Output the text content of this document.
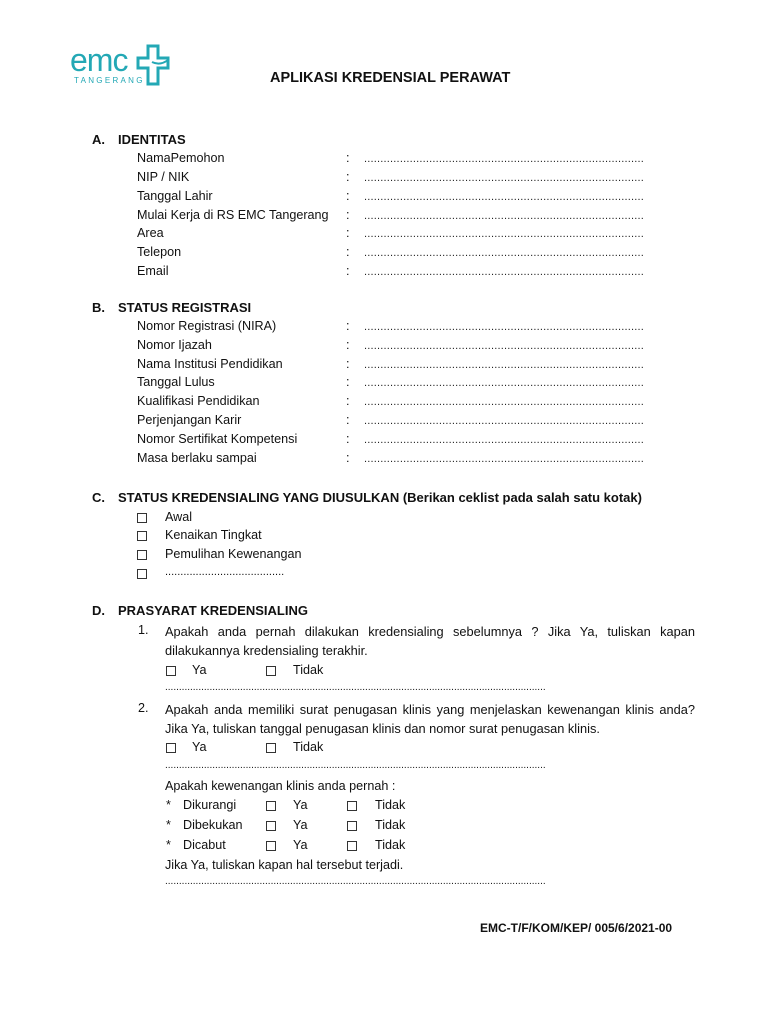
emc
TANGERANG	APLIKASI KREDENSIAL PERAWAT
A. IDENTITAS
NamaPemohon	: ......................................................................................
NIP / NIK	: ......................................................................................
Tanggal Lahir	: ......................................................................................
Mulai Kerja di RS EMC Tangerang : ......................................................................................
Area	: ......................................................................................
Telepon	: ......................................................................................
Email	: ......................................................................................
B. STATUS REGISTRASI
Nomor Registrasi (NIRA)	: ......................................................................................
Nomor Ijazah	: ......................................................................................
Nama Institusi Pendidikan	: ......................................................................................
Tanggal Lulus	: ......................................................................................
Kualifikasi Pendidikan	: ......................................................................................
Perjenjangan Karir	: ......................................................................................
Nomor Sertifikat Kompetensi	: ......................................................................................
Masa berlaku sampai	: ......................................................................................
C. STATUS KREDENSIALING YANG DIUSULKAN (Berikan ceklist pada salah satu kotak)
Awal
Kenaikan Tingkat
Pemulihan Kewenangan
.......................................
D. PRASYARAT KREDENSIALING
1. Apakah anda pernah dilakukan kredensialing sebelumnya ? Jika Ya, tuliskan kapan dilakukannya kredensialing terakhir.
Ya	Tidak
.........................................................................................................................................
2. Apakah anda memiliki surat penugasan klinis yang menjelaskan kewenangan klinis anda? Jika Ya, tuliskan tanggal penugasan klinis dan nomor surat penugasan klinis.
Ya	Tidak
.........................................................................................................................................
Apakah kewenangan klinis anda pernah :
* Dikurangi	Ya	Tidak
* Dibekukan	Ya	Tidak
* Dicabut	Ya	Tidak
Jika Ya, tuliskan kapan hal tersebut terjadi.
.........................................................................................................................................
EMC-T/F/KOM/KEP/ 005/6/2021-00
